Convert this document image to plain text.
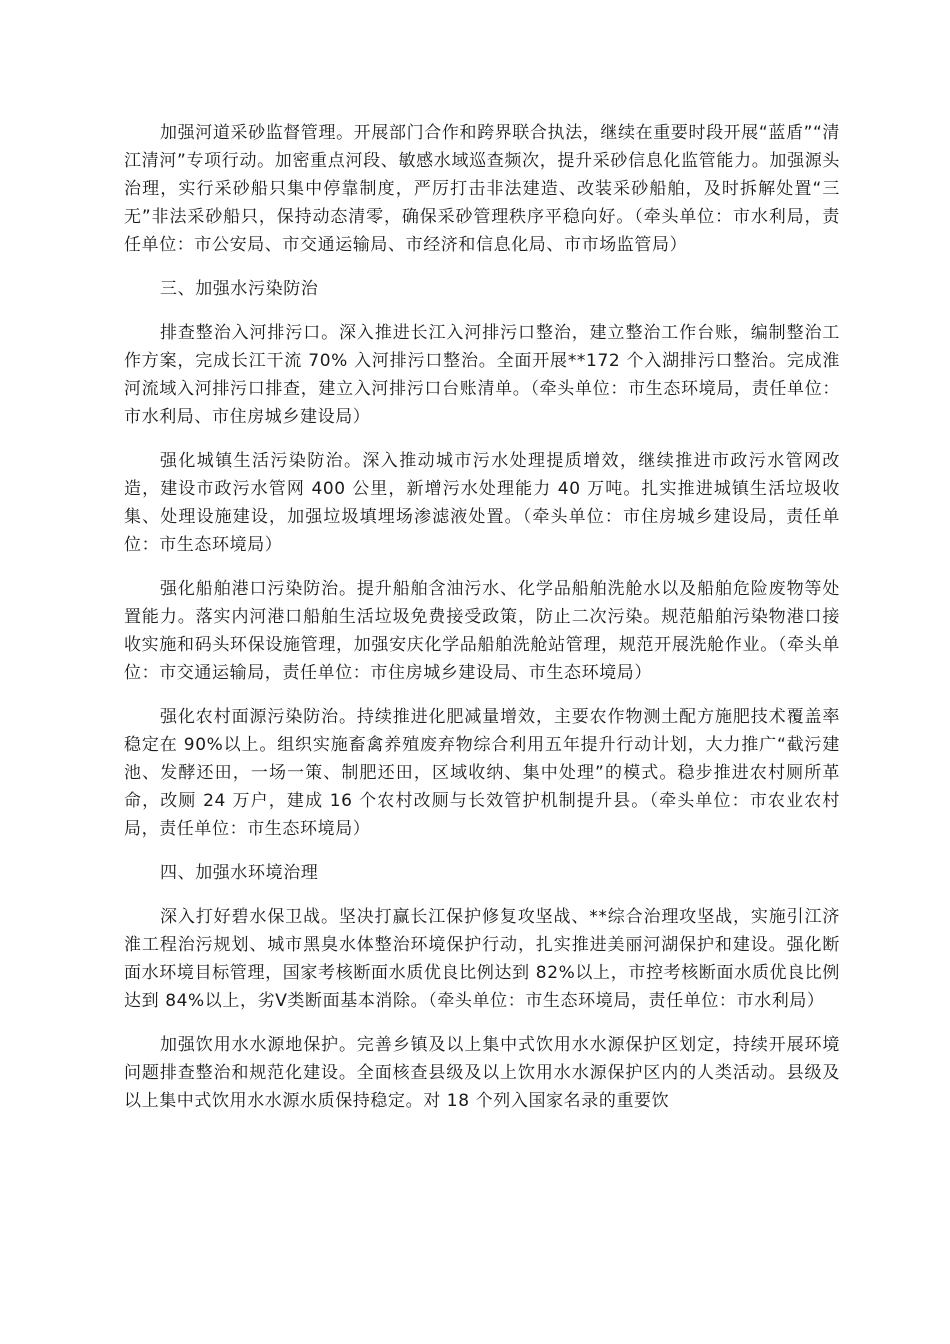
加强河道采砂监督管理。开展部门合作和跨界联合执法，继续在重要时段开展“蓝盾”“清江清河”专项行动。加密重点河段、敏感水域巡查频次，提升采砂信息化监管能力。加强源头治理，实行采砂船只集中停靠制度，严厉打击非法建造、改装采砂船舶，及时拆解处置“三无”非法采砂船只，保持动态清零，确保采砂管理秩序平稳向好。（牵头单位：市水利局，责任单位：市公安局、市交通运输局、市经济和信息化局、市市场监管局）

三、加强水污染防治

排查整治入河排污口。深入推进长江入河排污口整治，建立整治工作台账，编制整治工作方案，完成长江干流 70% 入河排污口整治。全面开展**172 个入湖排污口整治。完成淮河流域入河排污口排查，建立入河排污口台账清单。（牵头单位：市生态环境局，责任单位：市水利局、市住房城乡建设局）

强化城镇生活污染防治。深入推动城市污水处理提质增效，继续推进市政污水管网改造，建设市政污水管网 400 公里，新增污水处理能力 40 万吨。扎实推进城镇生活垃圾收集、处理设施建设，加强垃圾填埋场渗滤液处置。（牵头单位：市住房城乡建设局，责任单位：市生态环境局）

强化船舶港口污染防治。提升船舶含油污水、化学品船舶洗舱水以及船舶危险废物等处置能力。落实内河港口船舶生活垃圾免费接受政策，防止二次污染。规范船舶污染物港口接收实施和码头环保设施管理，加强安庆化学品船舶洗舱站管理，规范开展洗舱作业。（牵头单位：市交通运输局，责任单位：市住房城乡建设局、市生态环境局）

强化农村面源污染防治。持续推进化肥减量增效，主要农作物测土配方施肥技术覆盖率稳定在 90%以上。组织实施畜禽养殖废弃物综合利用五年提升行动计划，大力推广“截污建池、发酵还田，一场一策、制肥还田，区域收纳、集中处理”的模式。稳步推进农村厕所革命，改厕 24 万户，建成 16 个农村改厕与长效管护机制提升县。（牵头单位：市农业农村局，责任单位：市生态环境局）

四、加强水环境治理

深入打好碧水保卫战。坚决打赢长江保护修复攻坚战、**综合治理攻坚战，实施引江济淮工程治污规划、城市黑臭水体整治环境保护行动，扎实推进美丽河湖保护和建设。强化断面水环境目标管理，国家考核断面水质优良比例达到 82%以上，市控考核断面水质优良比例达到 84%以上，劣V类断面基本消除。（牵头单位：市生态环境局，责任单位：市水利局）

加强饮用水水源地保护。完善乡镇及以上集中式饮用水水源保护区划定，持续开展环境问题排查整治和规范化建设。全面核查县级及以上饮用水水源保护区内的人类活动。县级及以上集中式饮用水水源水质保持稳定。对 18 个列入国家名录的重要饮
